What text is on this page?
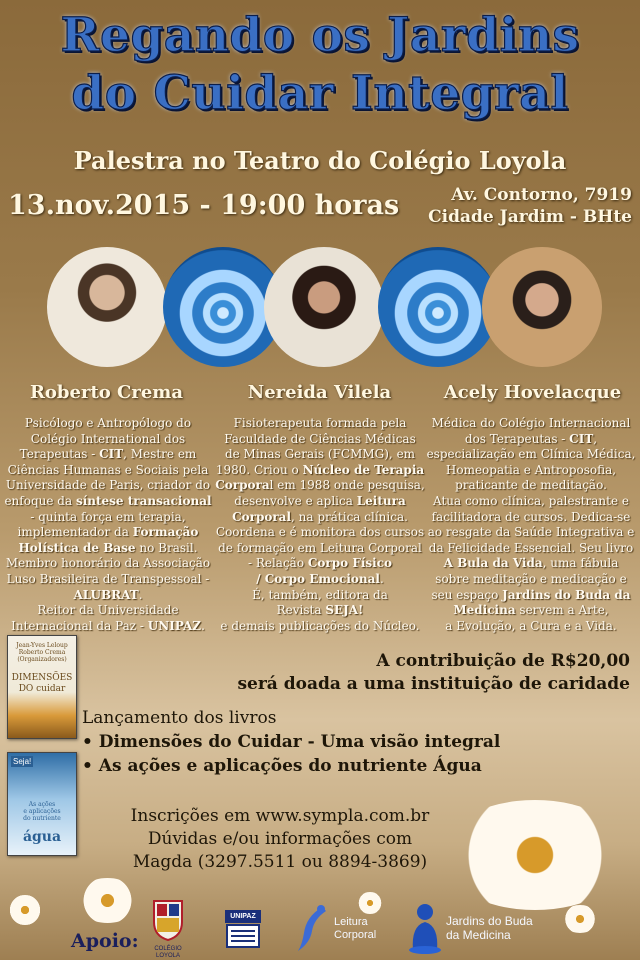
Regando os Jardins
do Cuidar Integral
Palestra no Teatro do Colégio Loyola
13.nov.2015 - 19:00 horas	Av. Contorno, 7919
Cidade Jardim - BHte
Roberto Crema	Nereida Vilela	Acely Hovelacque
Psicólogo e Antropólogo do Colégio International dos Terapeutas - CIT, Mestre em Ciências Humanas e Sociais pela Universidade de Paris, criador do enfoque da síntese transacional - quinta força em terapia, implementador da Formação Holística de Base no Brasil. Membro honorário da Associação Luso Brasileira de Transpessoal - ALUBRAT.
Reitor da Universidade Internacional da Paz - UNIPAZ.
Fisioterapeuta formada pela Faculdade de Ciências Médicas de Minas Gerais (FCMMG), em 1980. Criou o Núcleo de Terapia Corporal em 1988 onde pesquisa, desenvolve e aplica Leitura Corporal, na prática clínica. Coordena e é monitora dos cursos de formação em Leitura Corporal - Relação Corpo Físico
/ Corpo Emocional.
É, também, editora da
Revista SEJA!
e demais publicações do Núcleo.
Médica do Colégio Internacional dos Terapeutas - CIT, especialização em Clínica Médica, Homeopatia e Antroposofia, praticante de meditação.
Atua como clínica, palestrante e facilitadora de cursos. Dedica-se ao resgate da Saúde Integrativa e da Felicidade Essencial. Seu livro A Bula da Vida, uma fábula sobre meditação e medicação e seu espaço Jardins do Buda da Medicina servem a Arte,
a Evolução, a Cura e a Vida.
Jean-Yves Leloup
Roberto Crema
(Organizadores)
DIMENSÕES
DO cuidar
Seja!
As ações
e aplicações
do nutriente
água
A contribuição de R$20,00
será doada a uma instituição de caridade
Lançamento dos livros
• Dimensões do Cuidar - Uma visão integral
• As ações e aplicações do nutriente Água
Inscrições em www.sympla.com.br
Dúvidas e/ou informações com
Magda (3297.5511 ou 8894-3869)
Apoio:	COLÉGIO LOYOLA
UNIPAZ	Leitura Corporal
Jardins do Buda da Medicina
